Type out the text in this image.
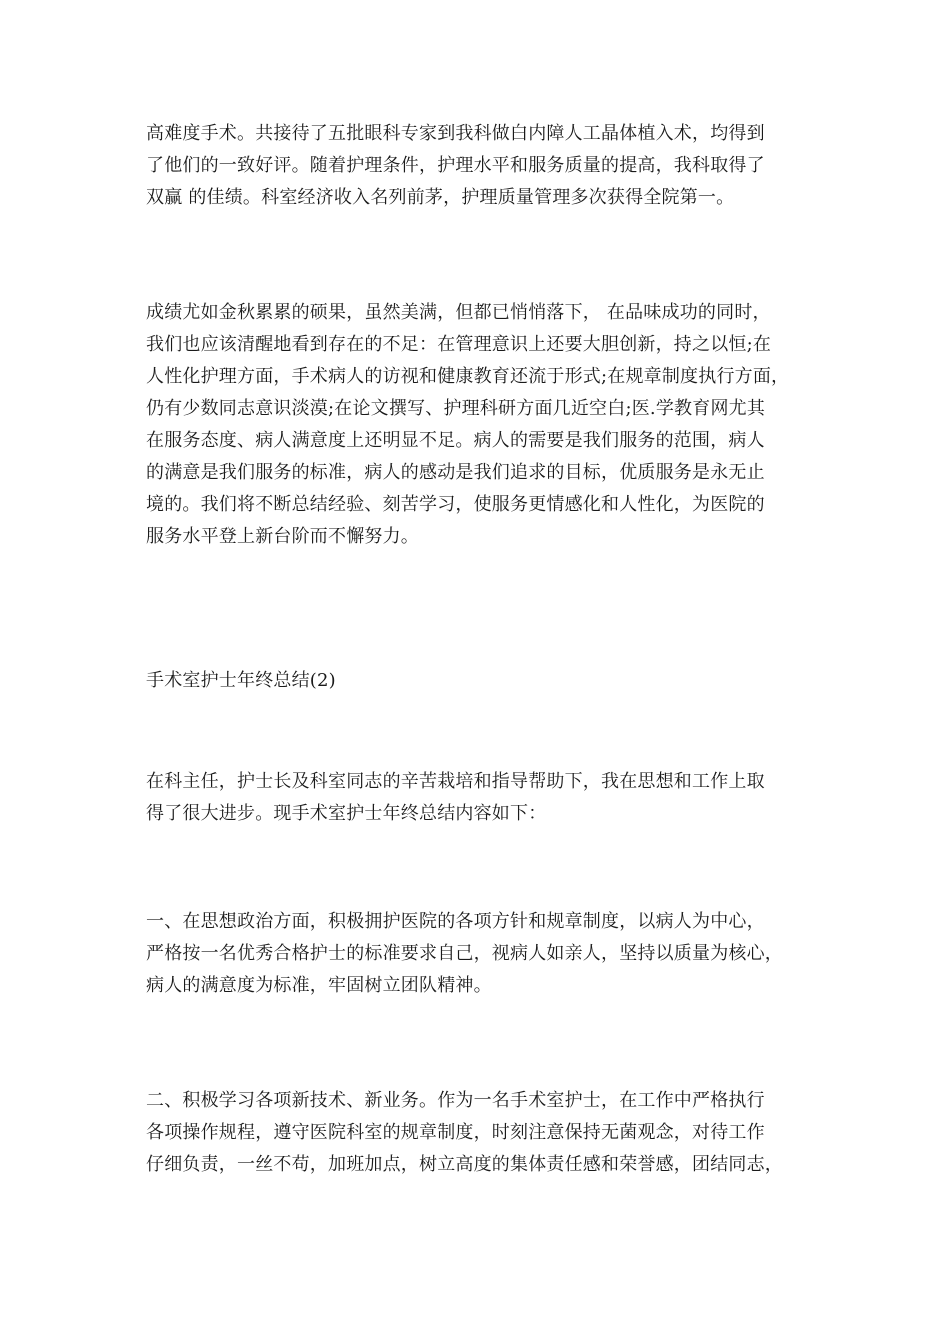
高难度手术。共接待了五批眼科专家到我科做白内障人工晶体植入术，均得到
了他们的一致好评。随着护理条件，护理水平和服务质量的提高，我科取得了
双赢 的佳绩。科室经济收入名列前茅，护理质量管理多次获得全院第一。
成绩尤如金秋累累的硕果，虽然美满，但都已悄悄落下， 在品味成功的同时，
我们也应该清醒地看到存在的不足：在管理意识上还要大胆创新，持之以恒;在
人性化护理方面，手术病人的访视和健康教育还流于形式;在规章制度执行方面，
仍有少数同志意识淡漠;在论文撰写、护理科研方面几近空白;医.学教育网尤其
在服务态度、病人满意度上还明显不足。病人的需要是我们服务的范围，病人
的满意是我们服务的标准，病人的感动是我们追求的目标，优质服务是永无止
境的。我们将不断总结经验、刻苦学习，使服务更情感化和人性化，为医院的
服务水平登上新台阶而不懈努力。
手术室护士年终总结(2)
在科主任，护士长及科室同志的辛苦栽培和指导帮助下，我在思想和工作上取
得了很大进步。现手术室护士年终总结内容如下：
一、在思想政治方面，积极拥护医院的各项方针和规章制度，以病人为中心，
严格按一名优秀合格护士的标准要求自己，视病人如亲人，坚持以质量为核心，
病人的满意度为标准，牢固树立团队精神。
二、积极学习各项新技术、新业务。作为一名手术室护士，在工作中严格执行
各项操作规程，遵守医院科室的规章制度，时刻注意保持无菌观念，对待工作
仔细负责，一丝不苟，加班加点，树立高度的集体责任感和荣誉感，团结同志，
